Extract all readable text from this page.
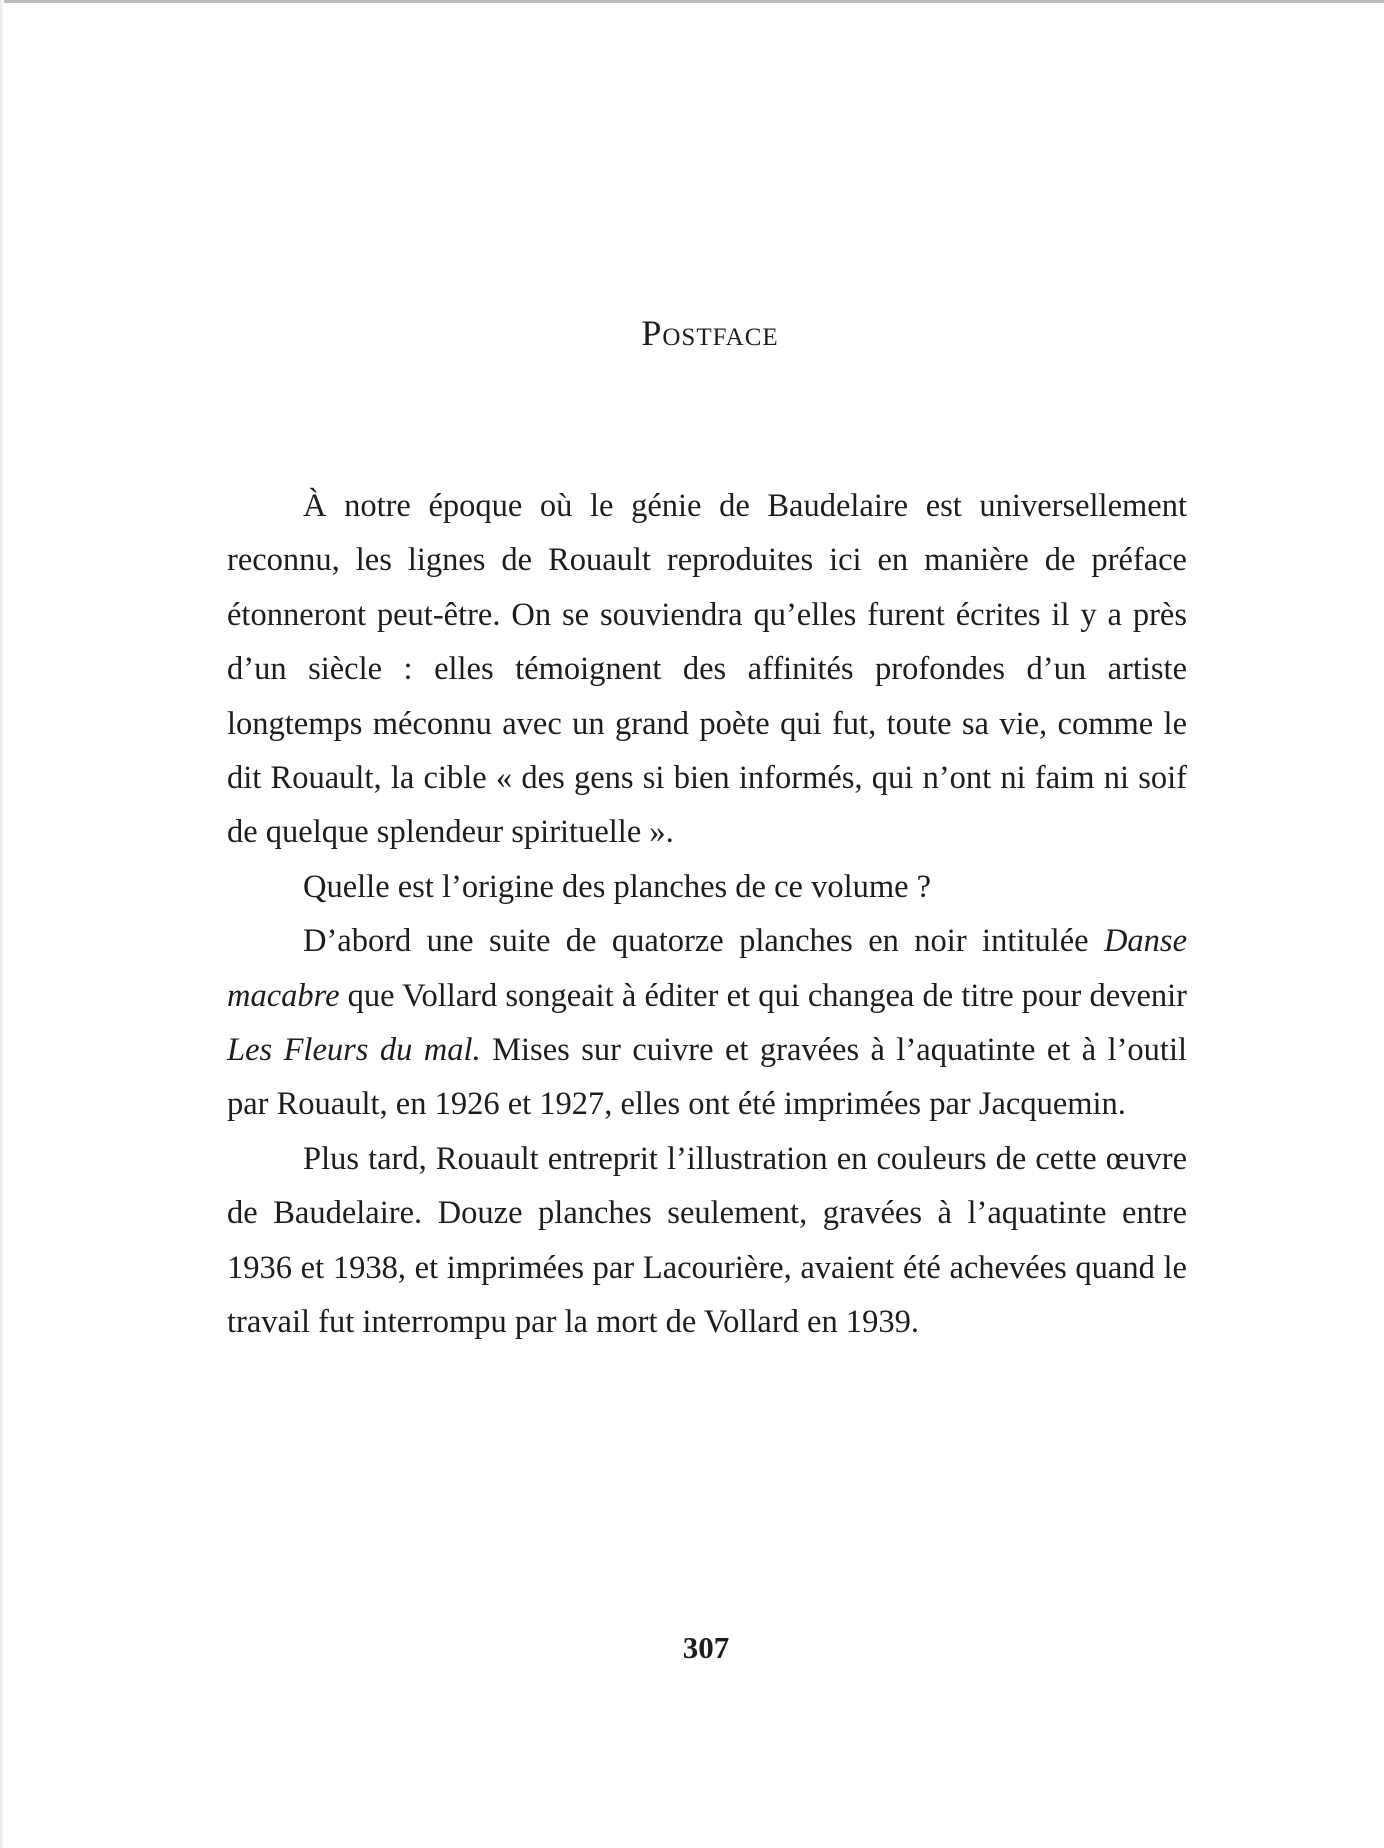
Postface

À notre époque où le génie de Baudelaire est universellement reconnu, les lignes de Rouault reproduites ici en manière de préface étonneront peut-être. On se souviendra qu’elles furent écrites il y a près d’un siècle : elles témoignent des affinités profondes d’un artiste longtemps méconnu avec un grand poète qui fut, toute sa vie, comme le dit Rouault, la cible « des gens si bien informés, qui n’ont ni faim ni soif de quelque splendeur spirituelle ».

Quelle est l’origine des planches de ce volume ?

D’abord une suite de quatorze planches en noir intitulée Danse macabre que Vollard songeait à éditer et qui changea de titre pour devenir Les Fleurs du mal. Mises sur cuivre et gravées à l’aquatinte et à l’outil par Rouault, en 1926 et 1927, elles ont été imprimées par Jacquemin.

Plus tard, Rouault entreprit l’illustration en couleurs de cette œuvre de Baudelaire. Douze planches seulement, gravées à l’aquatinte entre 1936 et 1938, et imprimées par Lacourière, avaient été achevées quand le travail fut interrompu par la mort de Vollard en 1939.

307
